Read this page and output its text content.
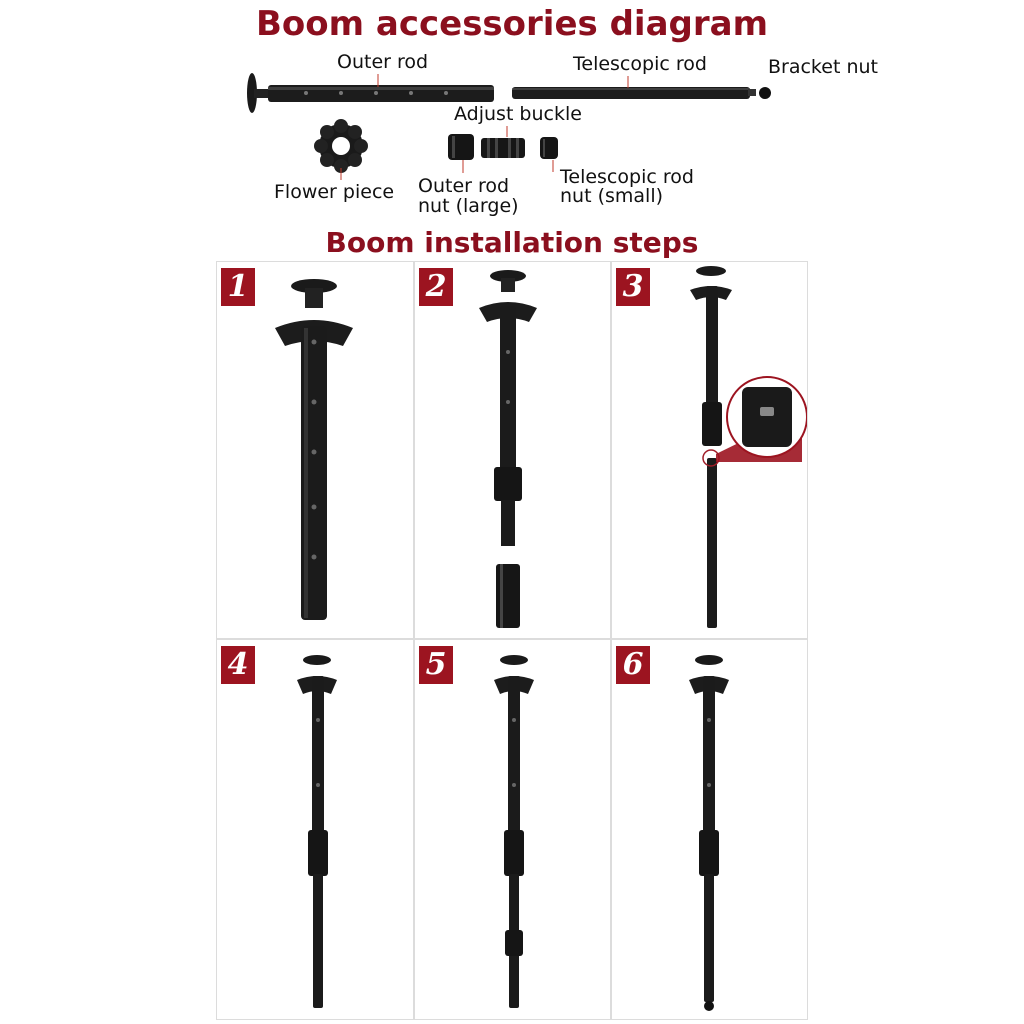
Boom accessories diagram
Outer rod	Telescopic rod	Bracket nut
Adjust buckle
Flower piece Outer rod
nut (large)
Telescopic rod
nut (small)
Boom installation steps
1	2	3
4	5	6
